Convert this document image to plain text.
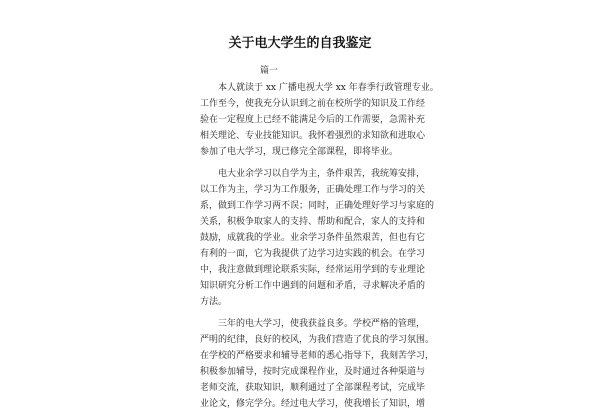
关于电大学生的自我鉴定
篇一
本人就读于 xx 广播电视大学 xx 年春季行政管理专业。
工作至今，使我充分认识到之前在校所学的知识及工作经
验在一定程度上已经不能满足今后的工作需要，急需补充
相关理论、专业技能知识。我怀着强烈的求知欲和进取心
参加了电大学习，现已修完全部课程，即将毕业。
电大业余学习以自学为主，条件艰苦，我统筹安排，
以工作为主，学习为工作服务，正确处理工作与学习的关
系，做到工作学习两不误；同时，正确处理好学习与家庭的
关系，积极争取家人的支持、帮助和配合，家人的支持和
鼓励，成就我的学业。业余学习条件虽然艰苦，但也有它
有利的一面，它为我提供了边学习边实践的机会。在学习
中，我注意做到理论联系实际，经常运用学到的专业理论
知识研究分析工作中遇到的问题和矛盾，寻求解决矛盾的
方法。
三年的电大学习，使我获益良多。学校严格的管理，
严明的纪律，良好的校风，为我们营造了优良的学习氛围。
在学校的严格要求和辅导老师的悉心指导下，我刻苦学习，
积极参加辅导，按时完成课程作业，及时通过各种渠道与
老师交流，获取知识，顺利通过了全部课程考试，完成毕
业论文，修完学分。经过电大学习，使我增长了知识，增
